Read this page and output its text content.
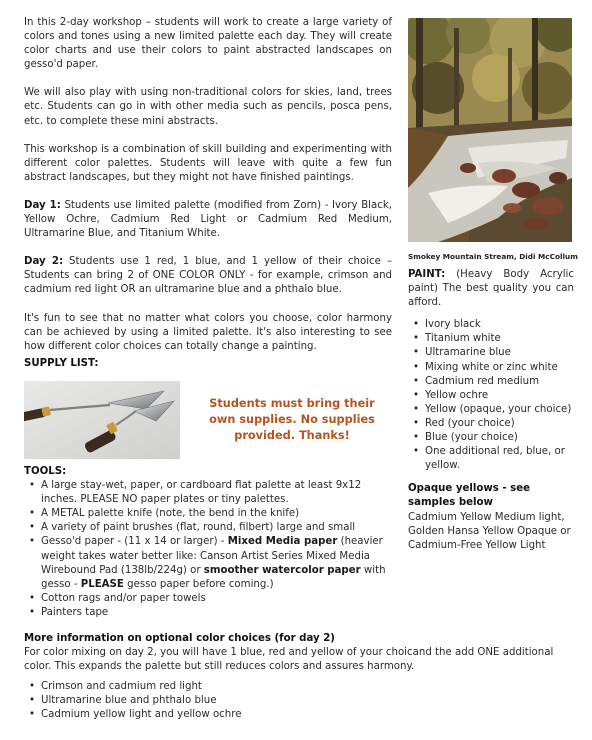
In this 2-day workshop – students will work to create a large variety of colors and tones using a new limited palette each day. They will create color charts and use their colors to paint abstracted landscapes on gesso'd paper.

We will also play with using non-traditional colors for skies, land, trees etc. Students can go in with other media such as pencils, posca pens, etc. to complete these mini abstracts.

This workshop is a combination of skill building and experimenting with different color palettes. Students will leave with quite a few fun abstract landscapes, but they might not have finished paintings.

Day 1: Students use limited palette (modified from Zorn) - Ivory Black, Yellow Ochre, Cadmium Red Light or Cadmium Red Medium, Ultramarine Blue, and Titanium White.

Day 2: Students use 1 red, 1 blue, and 1 yellow of their choice – Students can bring 2 of ONE COLOR ONLY - for example, crimson and cadmium red light OR an ultramarine blue and a phthalo blue.

It's fun to see that no matter what colors you choose, color harmony can be achieved by using a limited palette. It's also interesting to see how different color choices can totally change a painting.

SUPPLY LIST:

Students must bring their own supplies. No supplies provided. Thanks!

TOOLS:

• A large stay-wet, paper, or cardboard flat palette at least 9x12 inches. PLEASE NO paper plates or tiny palettes.
• A METAL palette knife (note, the bend in the knife)
• A variety of paint brushes (flat, round, filbert) large and small
• Gesso'd paper - (11 x 14 or larger) - Mixed Media paper (heavier weight takes water better like: Canson Artist Series Mixed Media Wirebound Pad (138lb/224g) or smoother watercolor paper with gesso - PLEASE gesso paper before coming.)
• Cotton rags and/or paper towels
• Painters tape

More information on optional color choices (for day 2)

For color mixing on day 2, you will have 1 blue, red and yellow of your choicand the add ONE additional color. This expands the palette but still reduces colors and assures harmony.

• Crimson and cadmium red light
• Ultramarine blue and phthalo blue
• Cadmium yellow light and yellow ochre
Smokey Mountain Stream, Didi McCollum

PAINT: (Heavy Body Acrylic paint) The best quality you can afford.

• Ivory black
• Titanium white
• Ultramarine blue
• Mixing white or zinc white
• Cadmium red medium
• Yellow ochre
• Yellow (opaque, your choice)
• Red (your choice)
• Blue (your choice)
• One additional red, blue, or yellow.

Opaque yellows - see samples below

Cadmium Yellow Medium light, Golden Hansa Yellow Opaque or Cadmium-Free Yellow Light
